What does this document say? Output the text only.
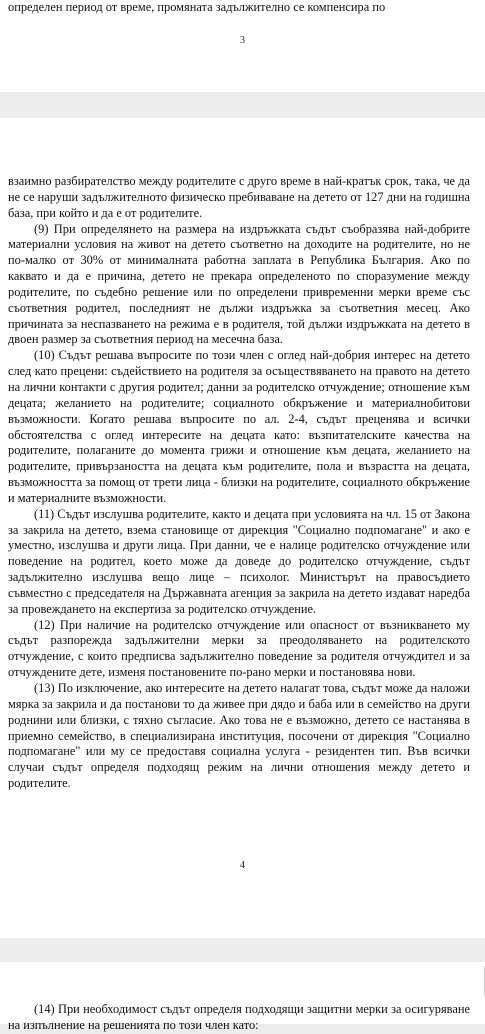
определен период от време, промяната задължително се компенсира по
3

взаимно разбирателство между родителите с друго време в най-кратък срок, така, че да не се наруши задължителното физическо пребиваване на детето от 127 дни на годишна база, при който и да е от родителите.

(9) При определянето на размера на издръжката съдът съобразява най-добрите материални условия на живот на детето съответно на доходите на родителите, но не по-малко от 30% от минималната работна заплата в Република България. Ако по каквато и да е причина, детето не прекара определеното по споразумение между родителите, по съдебно решение или по определени привременни мерки време със съответния родител, последният не дължи издръжка за съответния месец. Ако причината за неспазването на режима е в родителя, той дължи издръжката на детето в двоен размер за съответния период на месечна база.

(10) Съдът решава въпросите по този член с оглед най-добрия интерес на детето след като прецени: съдействието на родителя за осъществяването на правото на детето на лични контакти с другия родител; данни за родителско отчуждение; отношение към децата; желанието на родителите; социалното обкръжение и материалнобитови възможности. Когато решава въпросите по ал. 2-4, съдът преценява и всички обстоятелства с оглед интересите на децата като: възпитателските качества на родителите, полаганите до момента грижи и отношение към децата, желанието на родителите, привързаността на децата към родителите, пола и възрастта на децата, възможността за помощ от трети лица - близки на родителите, социалното обкръжение и материалните възможности.

(11) Съдът изслушва родителите, както и децата при условията на чл. 15 от Закона за закрила на детето, взема становище от дирекция "Социално подпомагане" и ако е уместно, изслушва и други лица. При данни, че е налице родителско отчуждение или поведение на родител, което може да доведе до родителско отчуждение, съдът задължително изслушва вещо лице – психолог. Министърът на правосъдието съвместно с председателя на Държавната агенция за закрила на детето издават наредба за провеждането на експертиза за родителско отчуждение.

(12) При наличие на родителско отчуждение или опасност от възникването му съдът разпорежда задължителни мерки за преодоляването на родителското отчуждение, с които предписва задължително поведение за родителя отчуждител и за отчуждените дете, изменя постановените по-рано мерки и постановява нови.

(13) По изключение, ако интересите на детето налагат това, съдът може да наложи мярка за закрила и да постанови то да живее при дядо и баба или в семейство на други роднини или близки, с тяхно съгласие. Ако това не е възможно, детето се настанява в приемно семейство, в специализирана институция, посочени от дирекция "Социално подпомагане" или му се предоставя социална услуга - резидентен тип. Във всички случаи съдът определя подходящ режим на лични отношения между детето и родителите.

4

(14) При необходимост съдът определя подходящи защитни мерки за осигуряване на изпълнение на решенията по този член като:
